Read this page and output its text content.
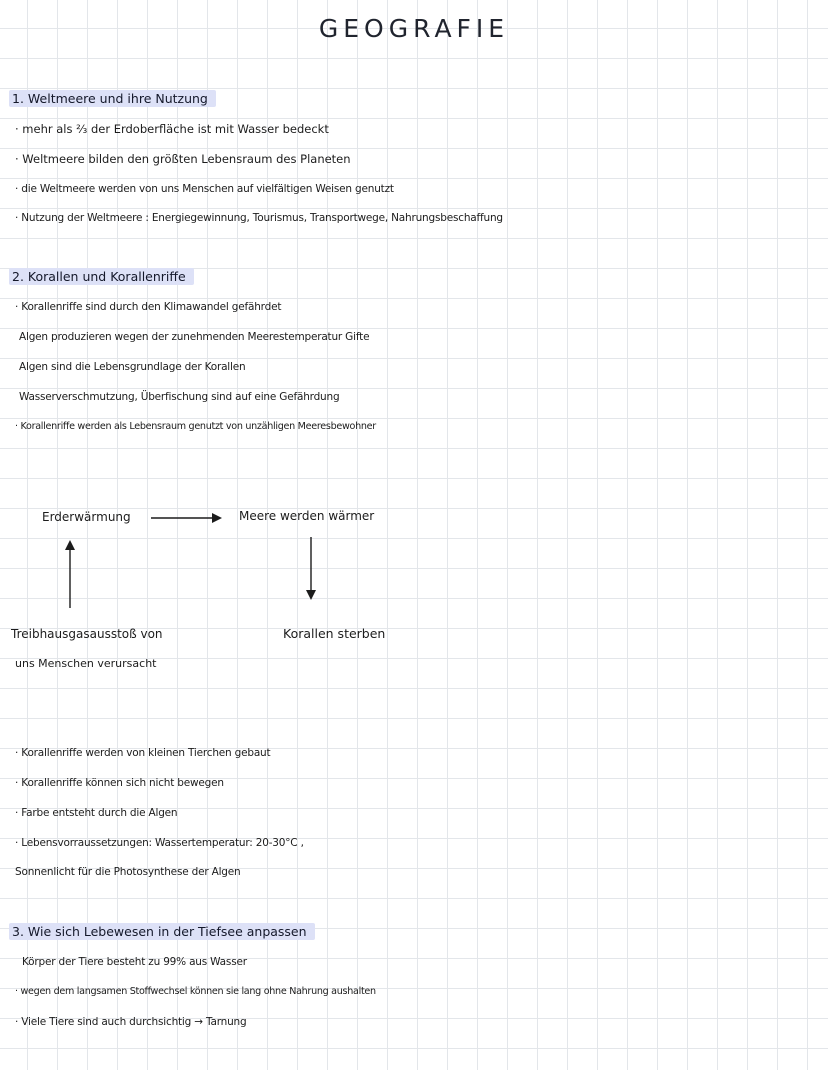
GEOGRAFIE
1. Weltmeere und ihre Nutzung
· mehr als ⅔ der Erdoberfläche ist mit Wasser bedeckt
· Weltmeere bilden den größten Lebensraum des Planeten
· die Weltmeere werden von uns Menschen auf vielfältigen Weisen genutzt
· Nutzung der Weltmeere : Energiegewinnung, Tourismus, Transportwege, Nahrungsbeschaffung
2. Korallen und Korallenriffe
· Korallenriffe sind durch den Klimawandel gefährdet
Algen produzieren wegen der zunehmenden Meerestemperatur Gifte
Algen sind die Lebensgrundlage der Korallen
Wasserverschmutzung, Überfischung sind auf eine Gefährdung
· Korallenriffe werden als Lebensraum genutzt von unzähligen Meeresbewohner
Erderwärmung	Meere werden wärmer
Treibhausgasausstoß von
uns Menschen verursacht
Korallen sterben
· Korallenriffe werden von kleinen Tierchen gebaut
· Korallenriffe können sich nicht bewegen
· Farbe entsteht durch die Algen
· Lebensvorraussetzungen: Wassertemperatur: 20-30°C ,
Sonnenlicht für die Photosynthese der Algen
3. Wie sich Lebewesen in der Tiefsee anpassen
Körper der Tiere besteht zu 99% aus Wasser
· wegen dem langsamen Stoffwechsel können sie lang ohne Nahrung aushalten
· Viele Tiere sind auch durchsichtig → Tarnung
